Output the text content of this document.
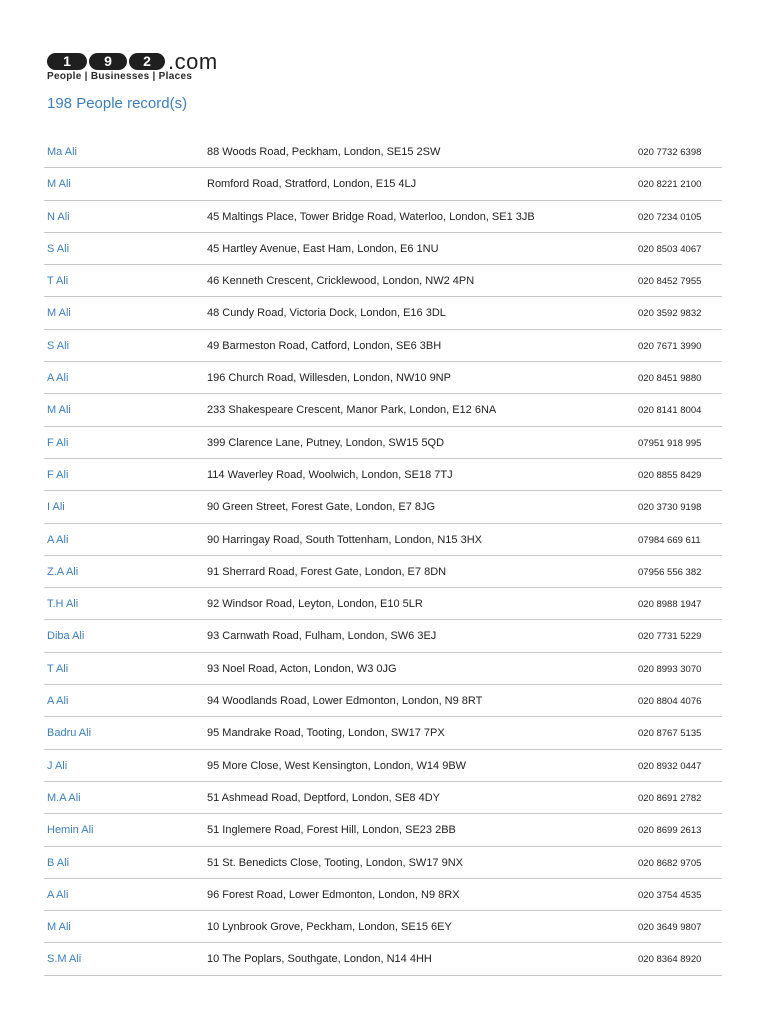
1	9	2 .com
People | Businesses | Places
198 People record(s)
Ma Ali	88 Woods Road, Peckham, London, SE15 2SW	020 7732 6398
M Ali	Romford Road, Stratford, London, E15 4LJ	020 8221 2100
N Ali	45 Maltings Place, Tower Bridge Road, Waterloo, London, SE1 3JB	020 7234 0105
S Ali	45 Hartley Avenue, East Ham, London, E6 1NU	020 8503 4067
T Ali	46 Kenneth Crescent, Cricklewood, London, NW2 4PN	020 8452 7955
M Ali	48 Cundy Road, Victoria Dock, London, E16 3DL	020 3592 9832
S Ali	49 Barmeston Road, Catford, London, SE6 3BH	020 7671 3990
A Ali	196 Church Road, Willesden, London, NW10 9NP	020 8451 9880
M Ali	233 Shakespeare Crescent, Manor Park, London, E12 6NA	020 8141 8004
F Ali	399 Clarence Lane, Putney, London, SW15 5QD	07951 918 995
F Ali	114 Waverley Road, Woolwich, London, SE18 7TJ	020 8855 8429
I Ali	90 Green Street, Forest Gate, London, E7 8JG	020 3730 9198
A Ali	90 Harringay Road, South Tottenham, London, N15 3HX	07984 669 611
Z.A Ali	91 Sherrard Road, Forest Gate, London, E7 8DN	07956 556 382
T.H Ali	92 Windsor Road, Leyton, London, E10 5LR	020 8988 1947
Diba Ali	93 Carnwath Road, Fulham, London, SW6 3EJ	020 7731 5229
T Ali	93 Noel Road, Acton, London, W3 0JG	020 8993 3070
A Ali	94 Woodlands Road, Lower Edmonton, London, N9 8RT	020 8804 4076
Badru Ali	95 Mandrake Road, Tooting, London, SW17 7PX	020 8767 5135
J Ali	95 More Close, West Kensington, London, W14 9BW	020 8932 0447
M.A Ali	51 Ashmead Road, Deptford, London, SE8 4DY	020 8691 2782
Hemin Ali	51 Inglemere Road, Forest Hill, London, SE23 2BB	020 8699 2613
B Ali	51 St. Benedicts Close, Tooting, London, SW17 9NX	020 8682 9705
A Ali	96 Forest Road, Lower Edmonton, London, N9 8RX	020 3754 4535
M Ali	10 Lynbrook Grove, Peckham, London, SE15 6EY	020 3649 9807
S.M Ali	10 The Poplars, Southgate, London, N14 4HH	020 8364 8920
